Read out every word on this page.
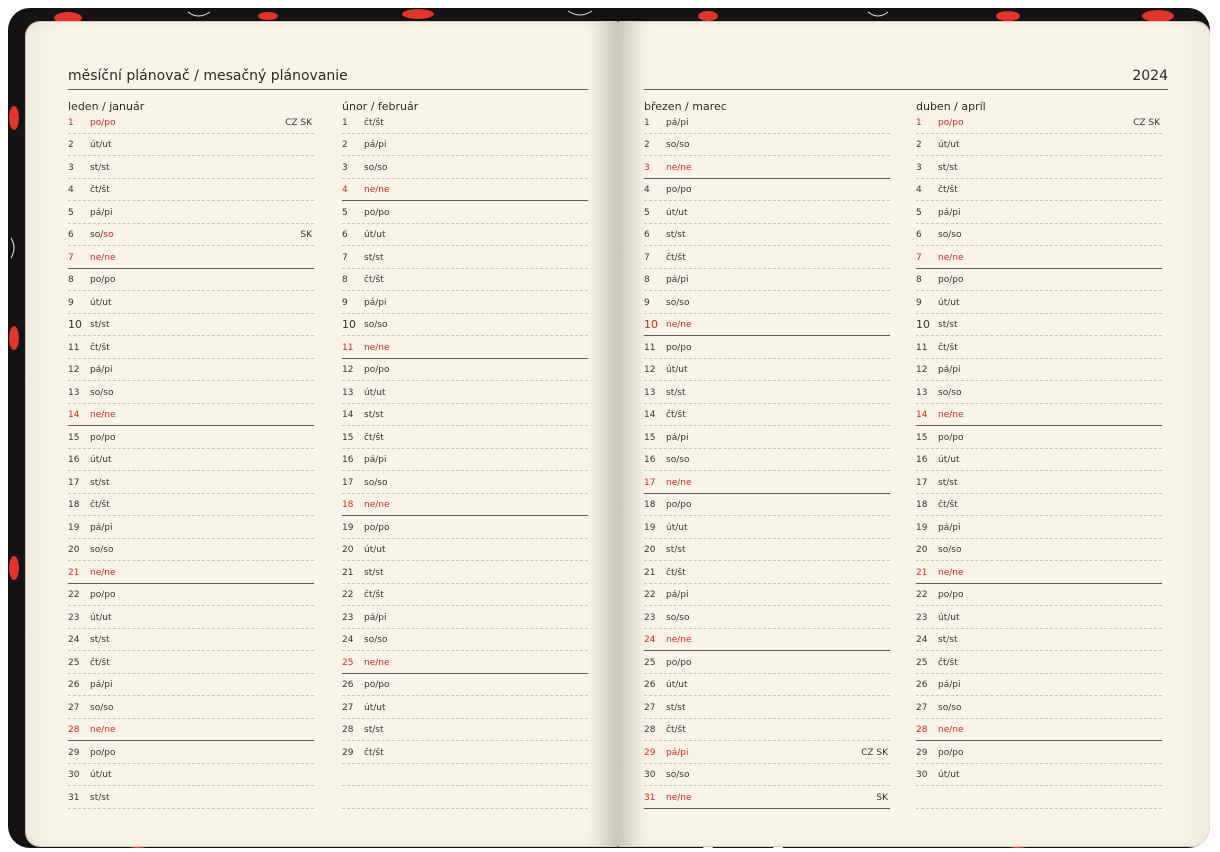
měsíční plánovač / mesačný plánovanie
leden / január
1	po/po	CZ SK
2	út/ut
3	st/st
4	čt/št
5	pá/pi
6	so/so	SK
7	ne/ne
8	po/po
9	út/ut
10 st/st
11	čt/št
12	pá/pi
13	so/so
14	ne/ne
15	po/po
16	út/ut
17	st/st
18	čt/št
19	pá/pi
20	so/so
21	ne/ne
22	po/po
23	út/ut
24	st/st
25	čt/št
26	pá/pi
27	so/so
28	ne/ne
29	po/po
30	út/ut
31	st/st
únor / február
1	čt/št
2	pá/pi
3	so/so
4	ne/ne
5	po/po
6	út/ut
7	st/st
8	čt/št
9	pá/pi
10 so/so
11	ne/ne
12	po/po
13	út/ut
14	st/st
15	čt/št
16	pá/pi
17	so/so
18	ne/ne
19	po/po
20	út/ut
21	st/st
22	čt/št
23	pá/pi
24	so/so
25	ne/ne
26	po/po
27	út/ut
28	st/st
29	čt/št
2024
březen / marec
1	pá/pi
2	so/so
3	ne/ne
4	po/po
5	út/ut
6	st/st
7	čt/št
8	pá/pi
9	so/so
10 ne/ne
11	po/po
12	út/ut
13	st/st
14	čt/št
15	pá/pi
16	so/so
17	ne/ne
18	po/po
19	út/ut
20	st/st
21	čt/št
22	pá/pi
23	so/so
24	ne/ne
25	po/po
26	út/ut
27	st/st
28	čt/št
29	pá/pi	CZ SK
30	so/so
31	ne/ne	SK
duben / apríl
1	po/po	CZ SK
2	út/ut
3	st/st
4	čt/št
5	pá/pi
6	so/so
7	ne/ne
8	po/po
9	út/ut
10 st/st
11	čt/št
12	pá/pi
13	so/so
14	ne/ne
15	po/po
16	út/ut
17	st/st
18	čt/št
19	pá/pi
20	so/so
21	ne/ne
22	po/po
23	út/ut
24	st/st
25	čt/št
26	pá/pi
27	so/so
28	ne/ne
29	po/po
30	út/ut
